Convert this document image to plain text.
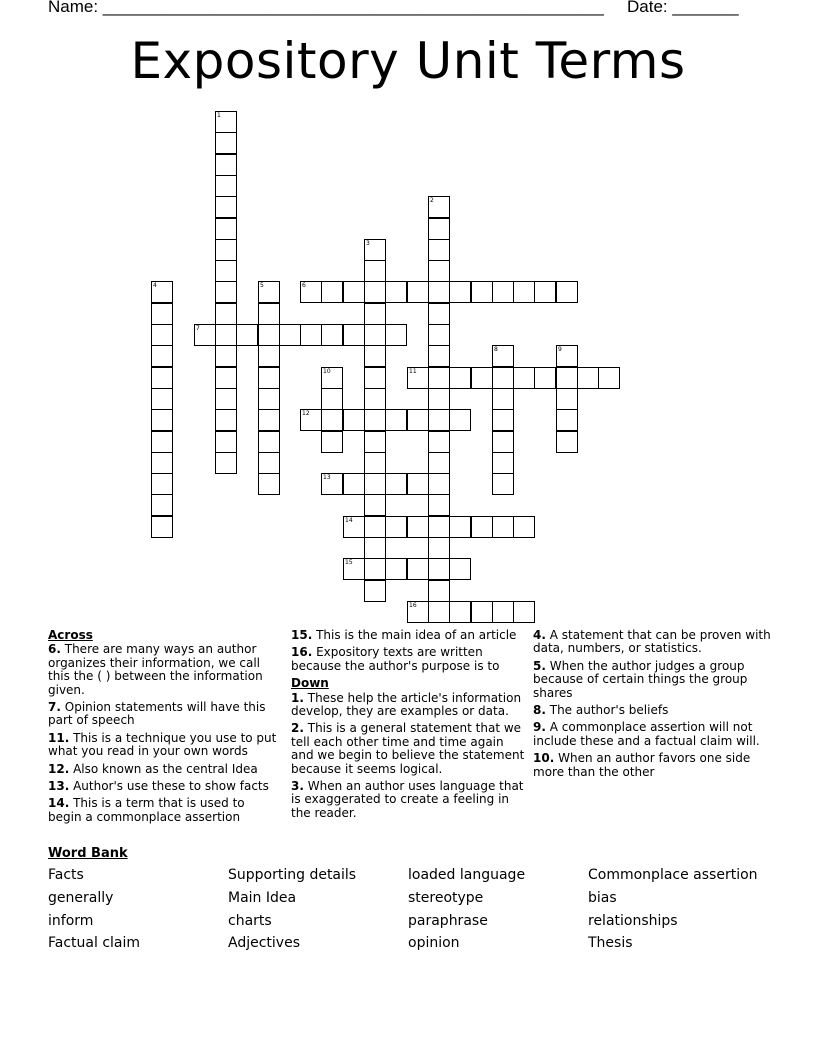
Name: _____________________________________________________ Date: _______
Expository Unit Terms
1
2
3
4	5	6
7
8	9
10	11
12
13
14
15
16
Across
6. There are many ways an author organizes their information, we call this the ( ) between the information given.
7. Opinion statements will have this part of speech
11. This is a technique you use to put what you read in your own words
12. Also known as the central Idea
13. Author's use these to show facts
14. This is a term that is used to begin a commonplace assertion
15. This is the main idea of an article
16. Expository texts are written because the author's purpose is to
Down
1. These help the article's information develop, they are examples or data.
2. This is a general statement that we tell each other time and time again and we begin to believe the statement because it seems logical.
3. When an author uses language that is exaggerated to create a feeling in the reader.
4. A statement that can be proven with data, numbers, or statistics.
5. When the author judges a group because of certain things the group shares
8. The author's beliefs
9. A commonplace assertion will not include these and a factual claim will.
10. When an author favors one side more than the other
Word Bank
Facts	Supporting details	loaded language	Commonplace assertion
generally	Main Idea	stereotype	bias
inform	charts	paraphrase	relationships
Factual claim	Adjectives	opinion	Thesis
